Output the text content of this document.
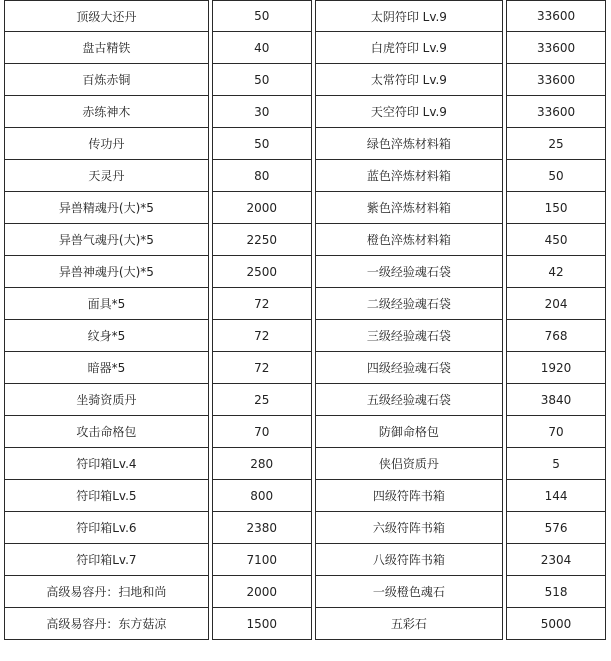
顶级大还丹	50	太阴符印 Lv.9	33600
盘古精铁	40	白虎符印 Lv.9	33600
百炼赤铜	50	太常符印 Lv.9	33600
赤练神木	30	天空符印 Lv.9	33600
传功丹	50	绿色淬炼材料箱	25
天灵丹	80	蓝色淬炼材料箱	50
异兽精魂丹(大)*5	2000	紫色淬炼材料箱	150
异兽气魂丹(大)*5	2250	橙色淬炼材料箱	450
异兽神魂丹(大)*5	2500	一级经验魂石袋	42
面具*5	72	二级经验魂石袋	204
纹身*5	72	三级经验魂石袋	768
暗器*5	72	四级经验魂石袋	1920
坐骑资质丹	25	五级经验魂石袋	3840
攻击命格包	70	防御命格包	70
符印箱Lv.4	280	侠侣资质丹	5
符印箱Lv.5	800	四级符阵书箱	144
符印箱Lv.6	2380	六级符阵书箱	576
符印箱Lv.7	7100	八级符阵书箱	2304
高级易容丹：扫地和尚	2000	一级橙色魂石	518
高级易容丹：东方菇凉	1500	五彩石	5000
